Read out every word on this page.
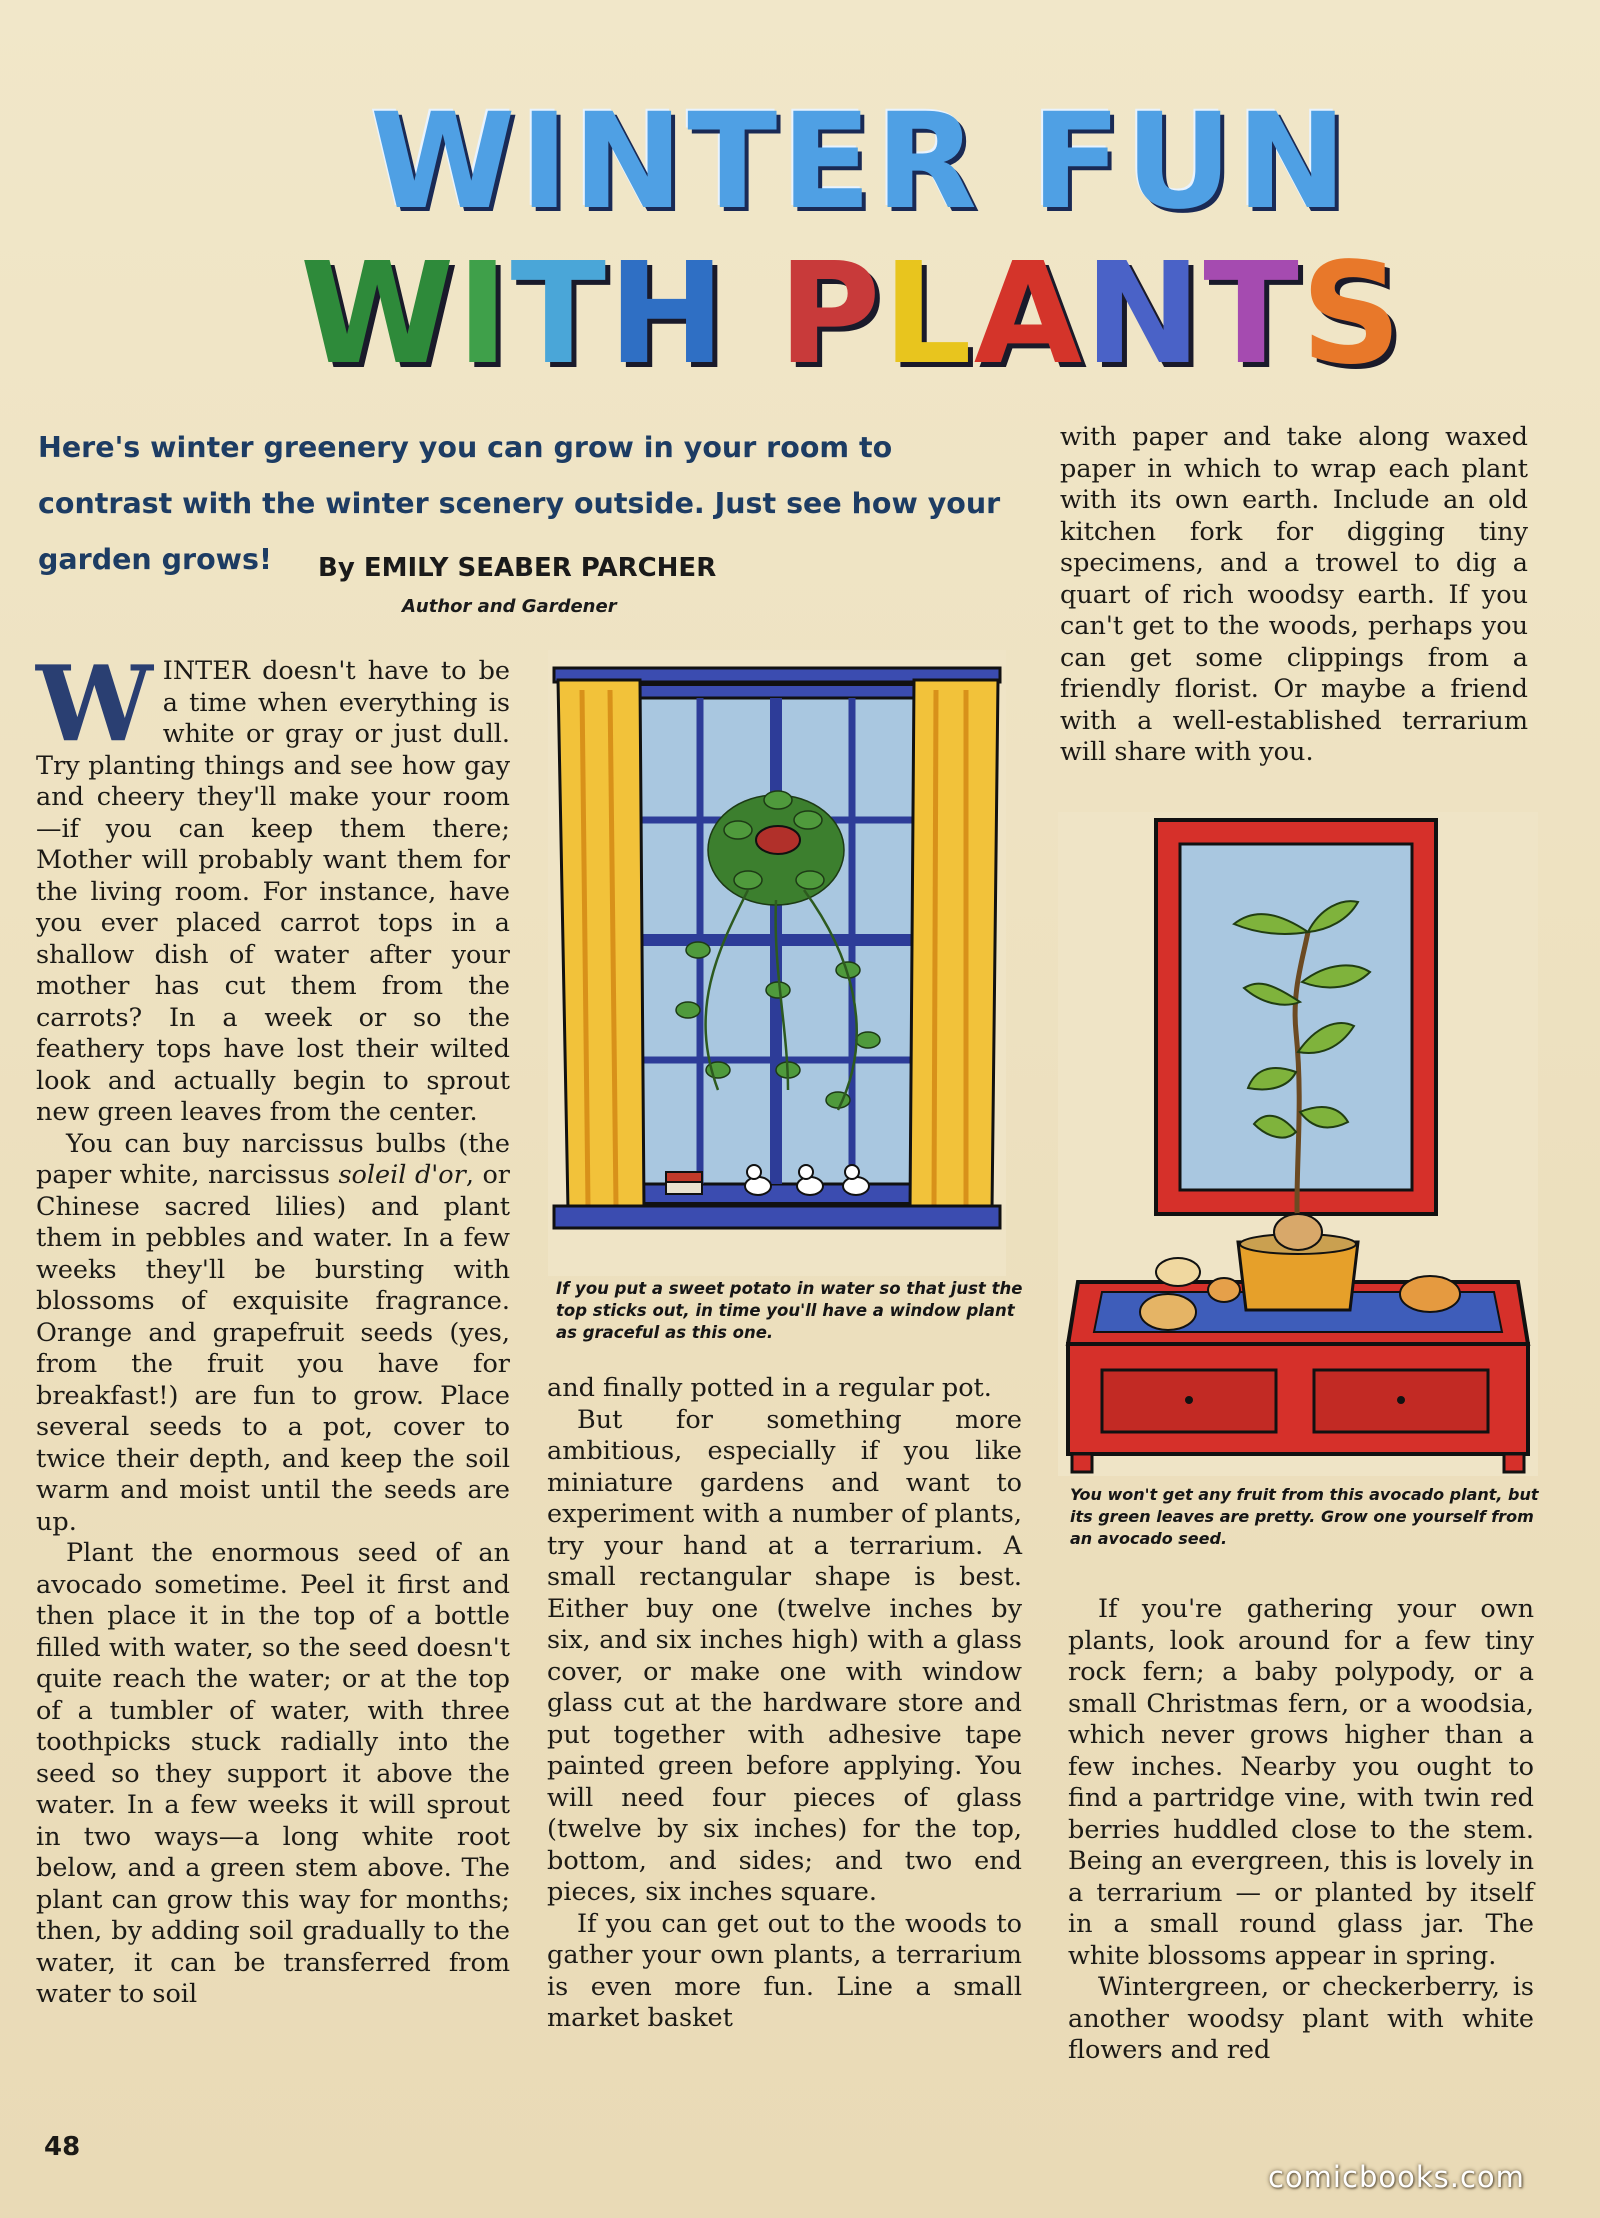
WINTER FUN
WITH PLANTS
Here's winter greenery you can grow in your room to contrast with the winter scenery outside. Just see how your garden grows!	By EMILY SEABER PARCHER
Author and Gardener

WINTER doesn't have to be a time when everything is white or gray or just dull. Try planting things and see how gay and cheery they'll make your room—if you can keep them there; Mother will probably want them for the living room. For instance, have you ever placed carrot tops in a shallow dish of water after your mother has cut them from the carrots? In a week or so the feathery tops have lost their wilted look and actually begin to sprout new green leaves from the center.

You can buy narcissus bulbs (the paper white, narcissus soleil d'or, or Chinese sacred lilies) and plant them in pebbles and water. In a few weeks they'll be bursting with blossoms of exquisite fragrance. Orange and grapefruit seeds (yes, from the fruit you have for breakfast!) are fun to grow. Place several seeds to a pot, cover to twice their depth, and keep the soil warm and moist until the seeds are up.

Plant the enormous seed of an avocado sometime. Peel it first and then place it in the top of a bottle filled with water, so the seed doesn't quite reach the water; or at the top of a tumbler of water, with three toothpicks stuck radially into the seed so they support it above the water. In a few weeks it will sprout in two ways—a long white root below, and a green stem above. The plant can grow this way for months; then, by adding soil gradually to the water, it can be transferred from water to soil

If you put a sweet potato in water so that just the top sticks out, in time you'll have a window plant as graceful as this one.

and finally potted in a regular pot.

But for something more ambitious, especially if you like miniature gardens and want to experiment with a number of plants, try your hand at a terrarium. A small rectangular shape is best. Either buy one (twelve inches by six, and six inches high) with a glass cover, or make one with window glass cut at the hardware store and put together with adhesive tape painted green before applying. You will need four pieces of glass (twelve by six inches) for the top, bottom, and sides; and two end pieces, six inches square.

If you can get out to the woods to gather your own plants, a terrarium is even more fun. Line a small market basket

with paper and take along waxed paper in which to wrap each plant with its own earth. Include an old kitchen fork for digging tiny specimens, and a trowel to dig a quart of rich woodsy earth. If you can't get to the woods, perhaps you can get some clippings from a friendly florist. Or maybe a friend with a well-established terrarium will share with you.

You won't get any fruit from this avocado plant, but its green leaves are pretty. Grow one yourself from an avocado seed.

If you're gathering your own plants, look around for a few tiny rock fern; a baby polypody, or a small Christmas fern, or a woodsia, which never grows higher than a few inches. Nearby you ought to find a partridge vine, with twin red berries huddled close to the stem. Being an evergreen, this is lovely in a terrarium — or planted by itself in a small round glass jar. The white blossoms appear in spring.

Wintergreen, or checkerberry, is another woodsy plant with white flowers and red

48
comicbooks.com
